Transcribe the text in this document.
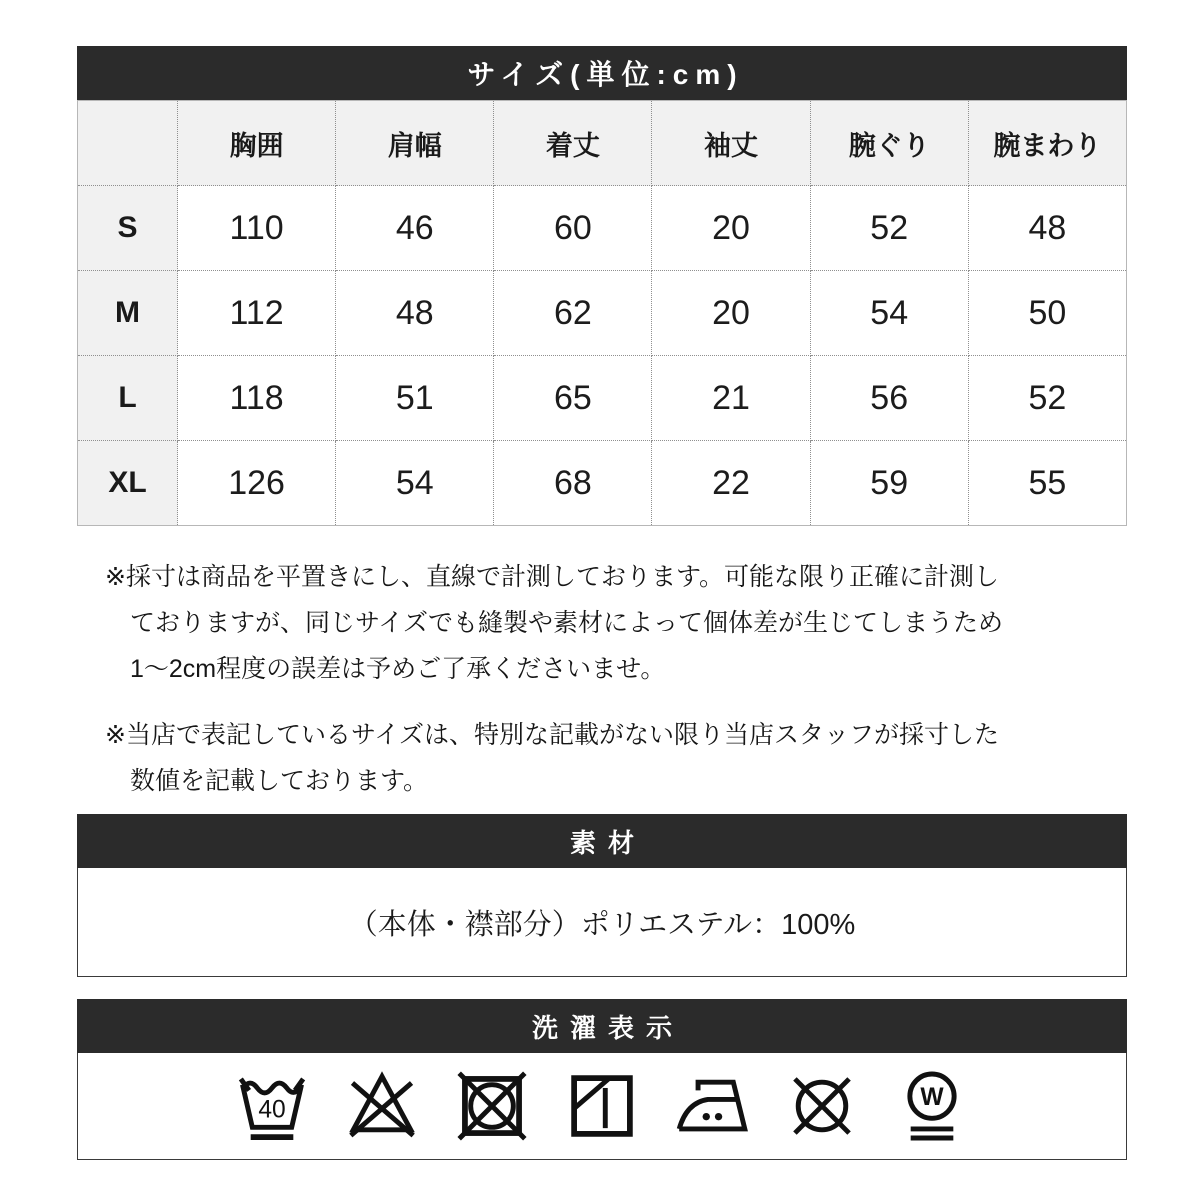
サイズ(単位:cm)
	胸囲	肩幅	着丈	袖丈	腕ぐり	腕まわり
S	110	46	60	20	52	48
M	112	48	62	20	54	50
L	118	51	65	21	56	52
XL	126	54	68	22	59	55

※採寸は商品を平置きにし、直線で計測しております。可能な限り正確に計測し
ておりますが、同じサイズでも縫製や素材によって個体差が生じてしまうため
1〜2cm程度の誤差は予めご了承くださいませ。

※当店で表記しているサイズは、特別な記載がない限り当店スタッフが採寸した
数値を記載しております。

素材
（本体・襟部分）ポリエステル：100%
洗濯表示
40	W
